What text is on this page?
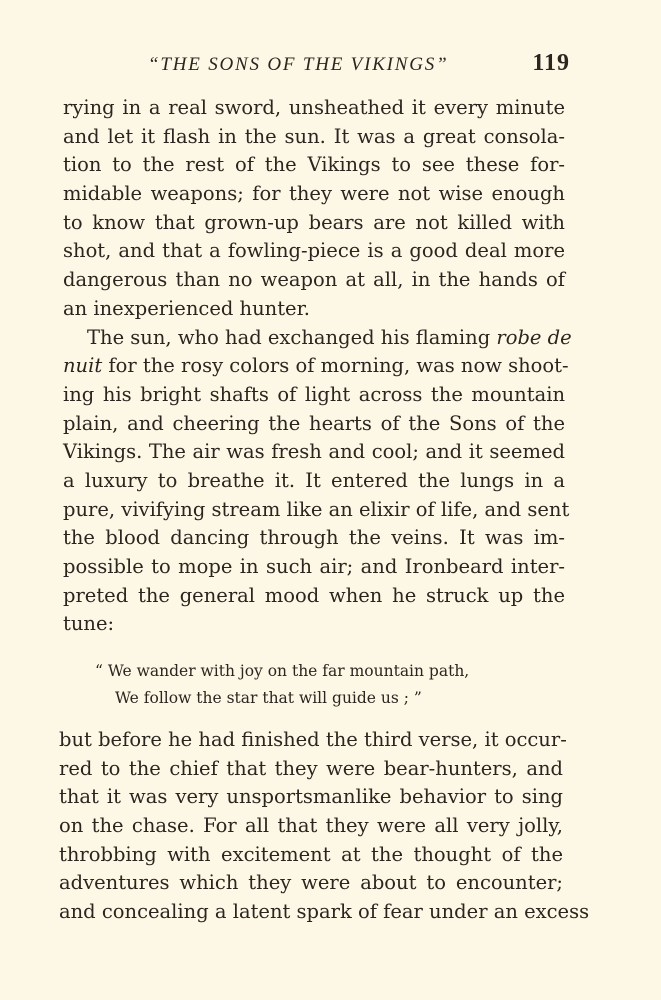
“THE SONS OF THE VIKINGS”	119
rying in a real sword, unsheathed it every minute
and let it flash in the sun. It was a great consola-
tion to the rest of the Vikings to see these for-
midable weapons; for they were not wise enough
to know that grown-up bears are not killed with
shot, and that a fowling-piece is a good deal more
dangerous than no weapon at all, in the hands of
an inexperienced hunter.
The sun, who had exchanged his flaming robe de
nuit for the rosy colors of morning, was now shoot-
ing his bright shafts of light across the mountain
plain, and cheering the hearts of the Sons of the
Vikings. The air was fresh and cool; and it seemed
a luxury to breathe it. It entered the lungs in a
pure, vivifying stream like an elixir of life, and sent
the blood dancing through the veins. It was im-
possible to mope in such air; and Ironbeard inter-
preted the general mood when he struck up the
tune:
“ We wander with joy on the far mountain path,
We follow the star that will guide us ; ”
but before he had finished the third verse, it occur-
red to the chief that they were bear-hunters, and
that it was very unsportsmanlike behavior to sing
on the chase. For all that they were all very jolly,
throbbing with excitement at the thought of the
adventures which they were about to encounter;
and concealing a latent spark of fear under an excess
